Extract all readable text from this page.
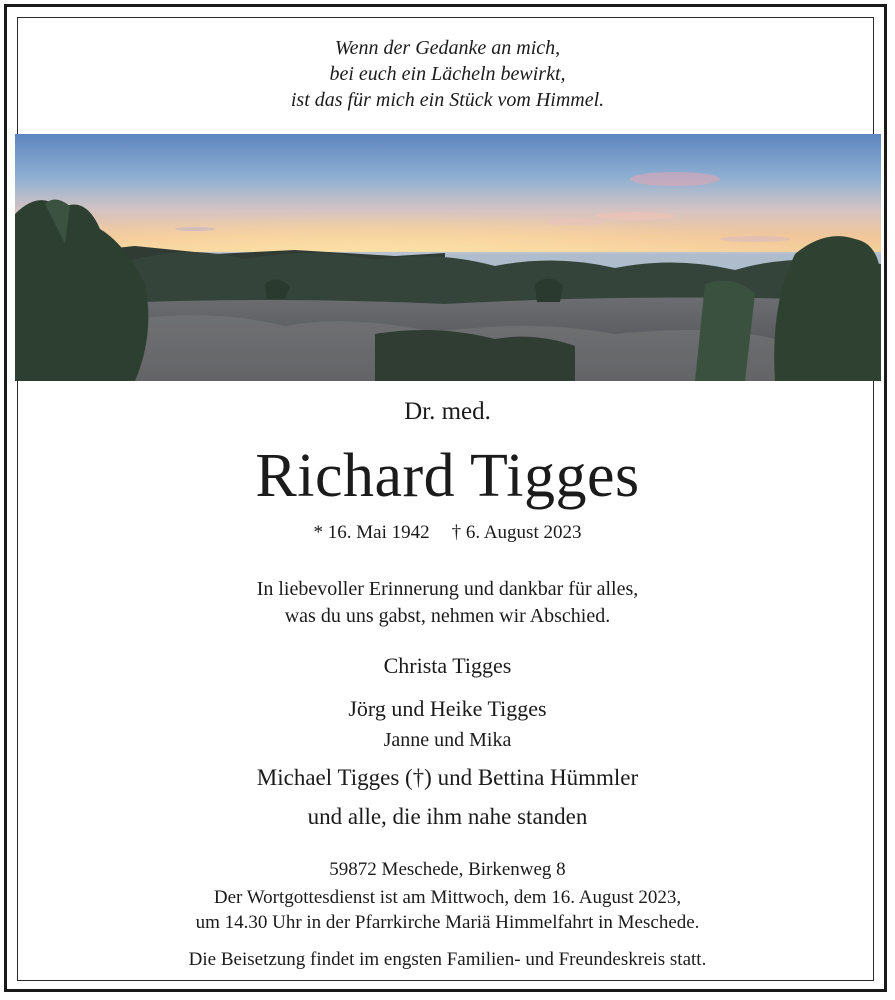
Wenn der Gedanke an mich,
bei euch ein Lächeln bewirkt,
ist das für mich ein Stück vom Himmel.
Dr. med.
Richard Tigges
* 16. Mai 1942 † 6. August 2023
In liebevoller Erinnerung und dankbar für alles,
was du uns gabst, nehmen wir Abschied.
Christa Tigges
Jörg und Heike Tigges
Janne und Mika
Michael Tigges (†) und Bettina Hümmler
und alle, die ihm nahe standen
59872 Meschede, Birkenweg 8
Der Wortgottesdienst ist am Mittwoch, dem 16. August 2023,
um 14.30 Uhr in der Pfarrkirche Mariä Himmelfahrt in Meschede.
Die Beisetzung findet im engsten Familien- und Freundeskreis statt.
